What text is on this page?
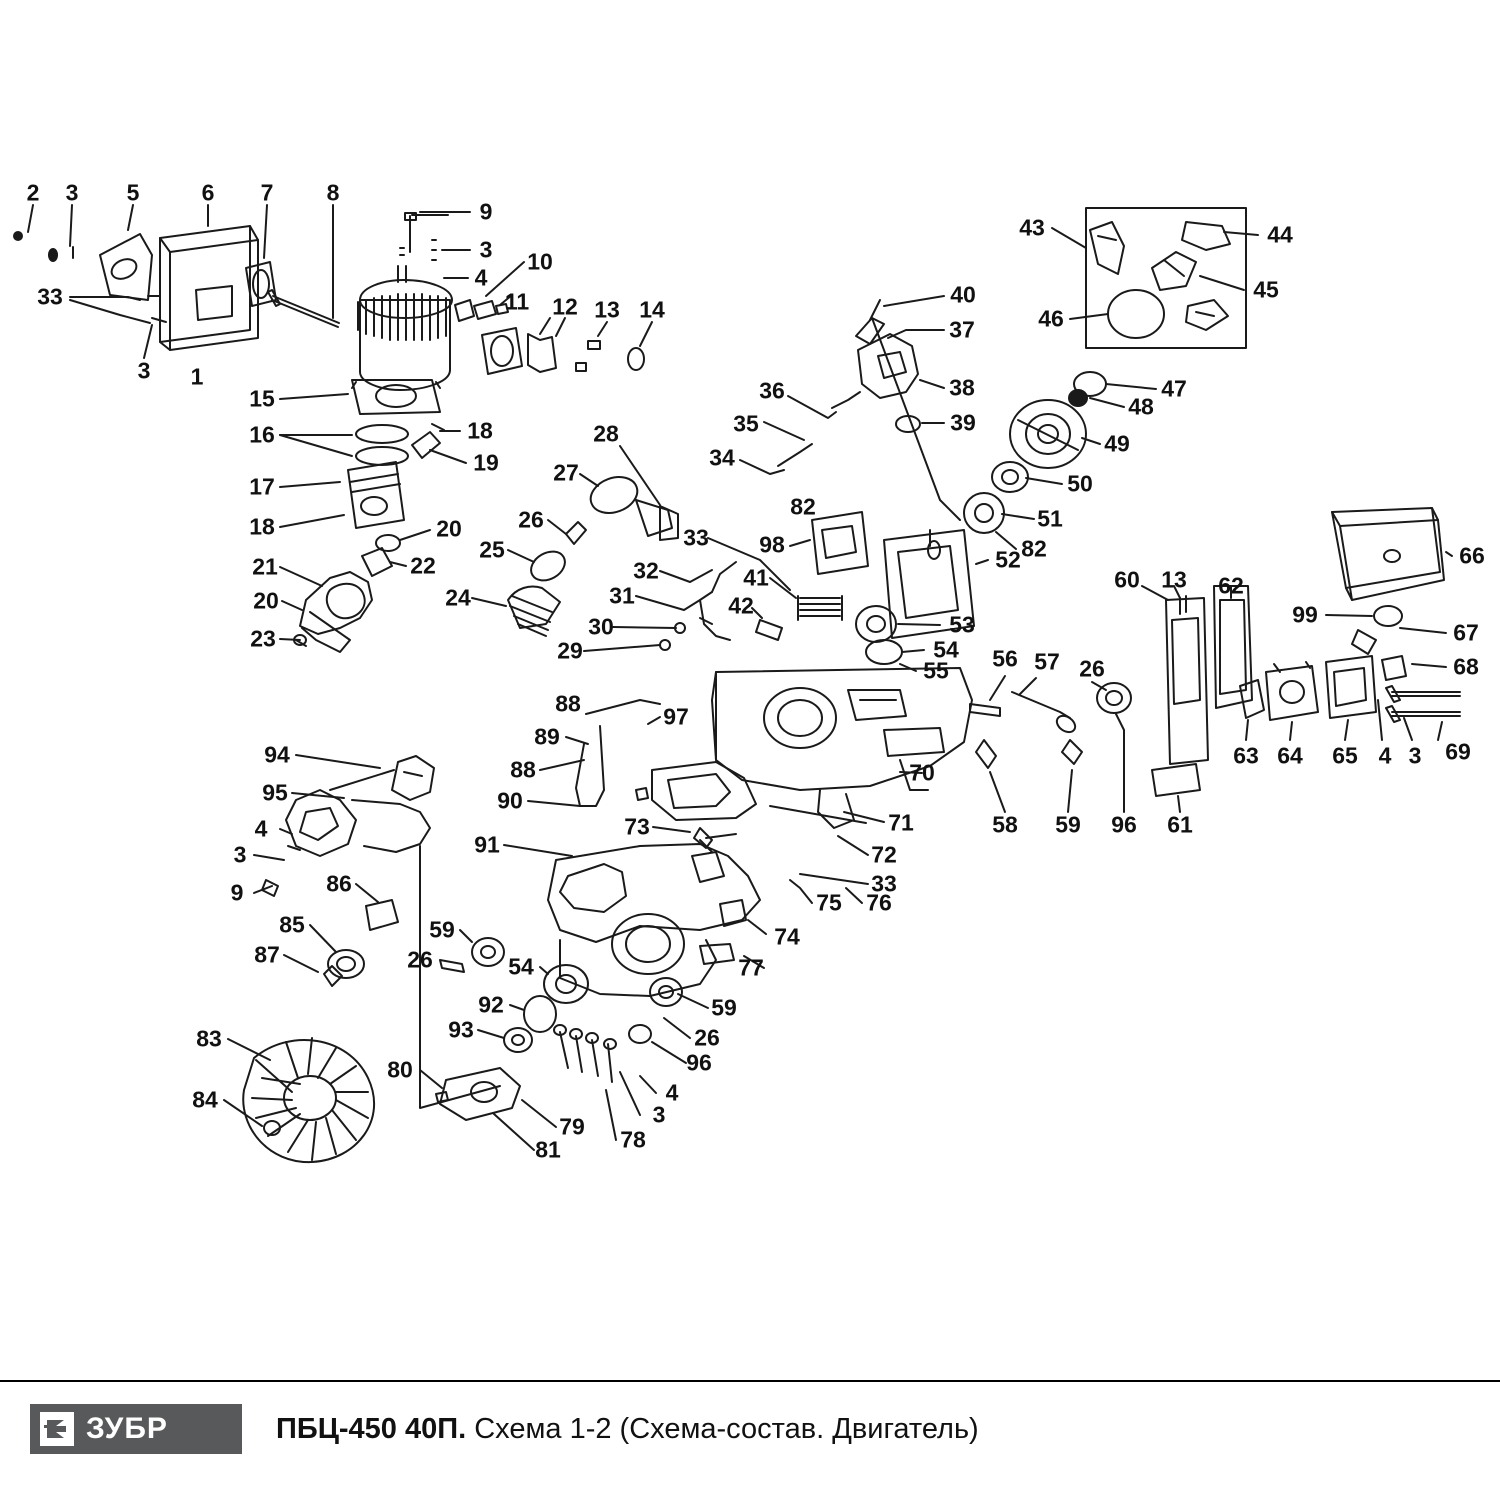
2 3 5	6 7 8
9
3
4
10
11 12 13 14
33
3 1
15
16	18
19
17
18	20
21	22
20
23
26
25
24
27
28
32
31
30
29
33
41
42
98
82
36
35
34
40
37
38
39
82
52
53
54
55
43	44
45
46
47
48
49
50
51
66
99
67
68
69
60 13 62
63 64 65 4 3
56 57 26
58 59 96 61
70
71
72
33
88	97
89
88
90
73
91
94
95
4
3
9	86
85
87
59
26	54
92
93
59
26
96
4
3
78
79
81
80
83
84
74
75 76
77
ЗУБР	ПБЦ-450 40П. Схема 1-2 (Схема-состав. Двигатель)
